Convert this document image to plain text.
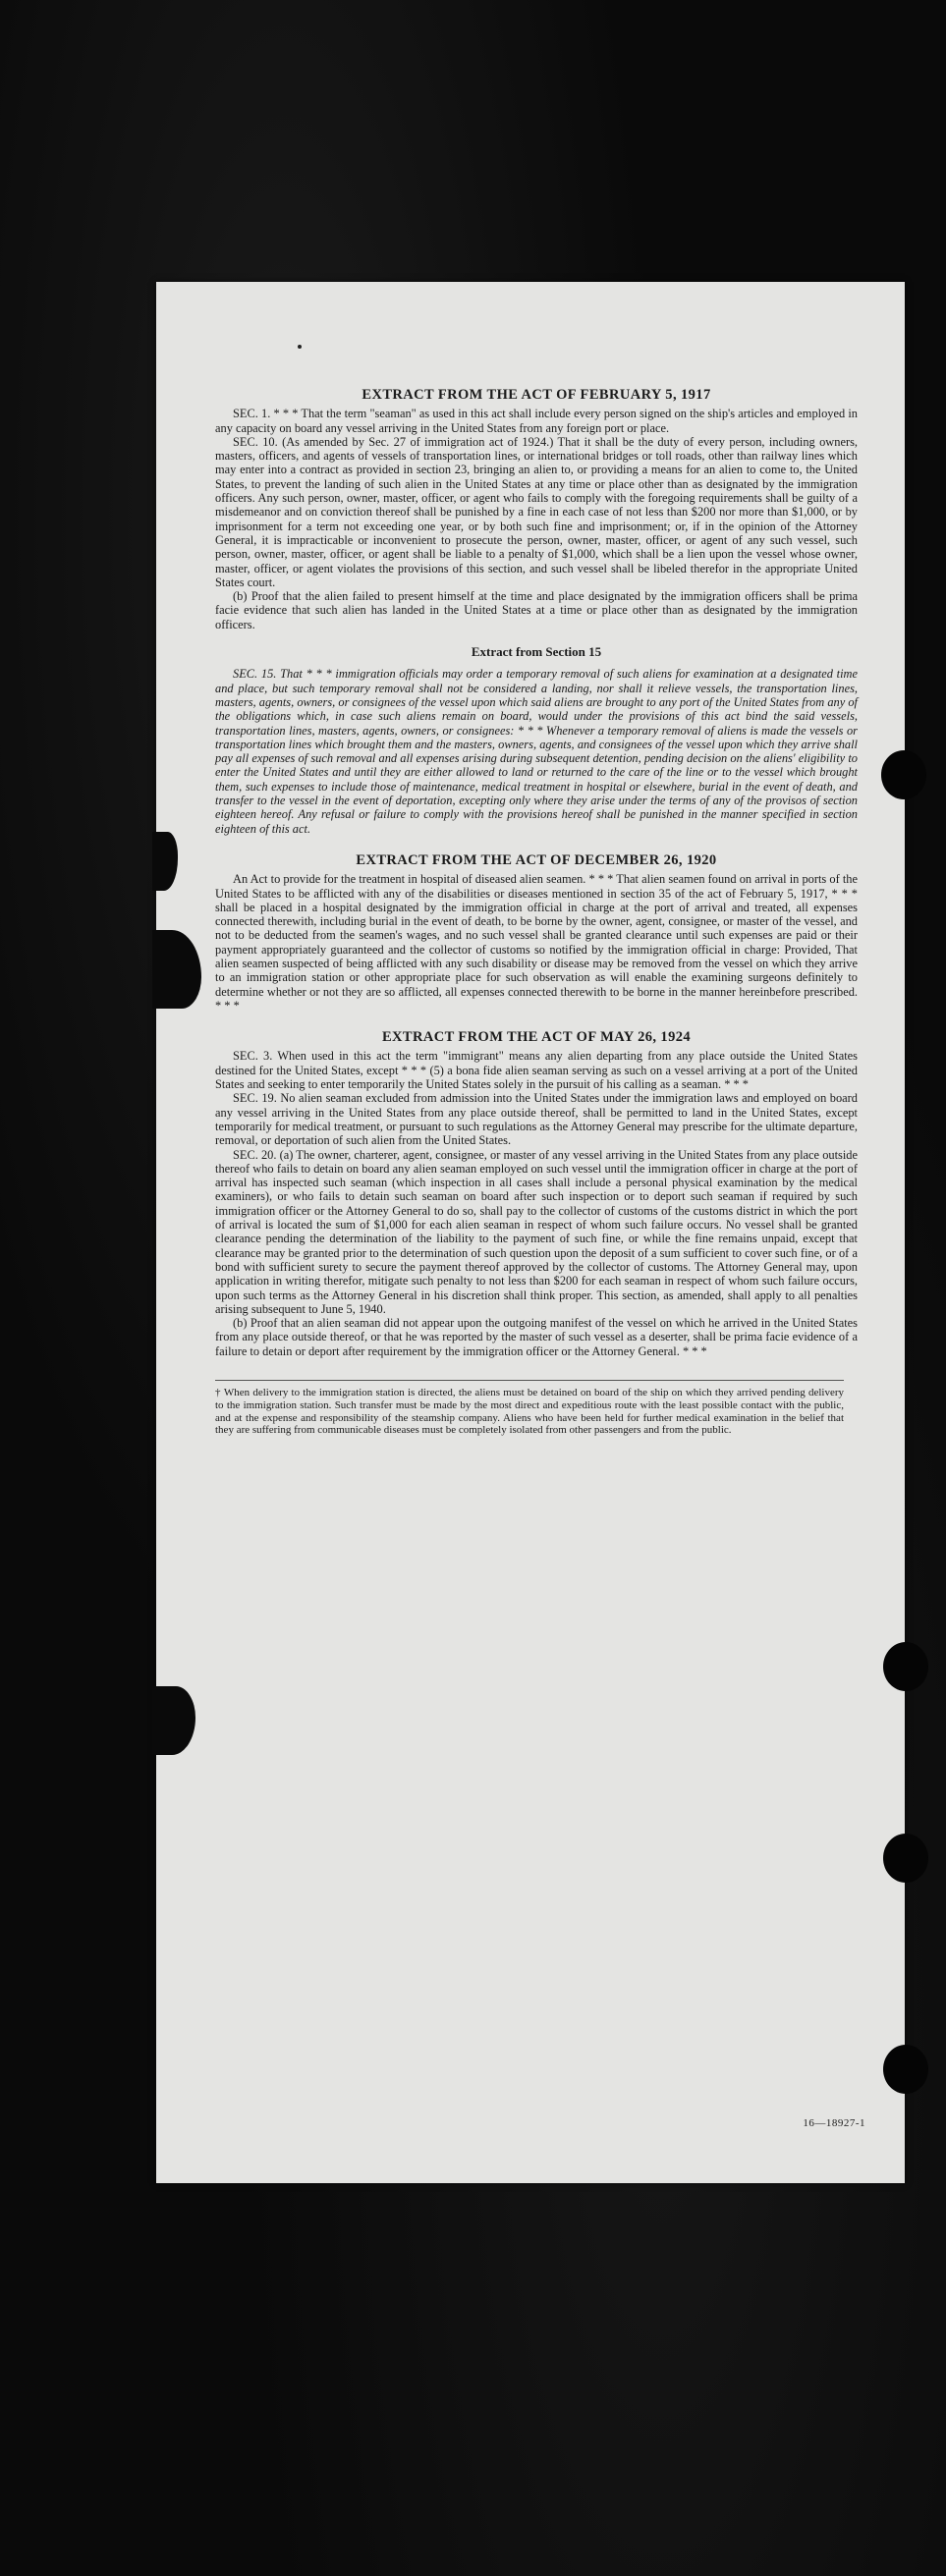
EXTRACT FROM THE ACT OF FEBRUARY 5, 1917

SEC. 1. * * * That the term "seaman" as used in this act shall include every person signed on the ship's articles and employed in any capacity on board any vessel arriving in the United States from any foreign port or place.

SEC. 10. (As amended by Sec. 27 of immigration act of 1924.) That it shall be the duty of every person, including owners, masters, officers, and agents of vessels of transportation lines, or international bridges or toll roads, other than railway lines which may enter into a contract as provided in section 23, bringing an alien to, or providing a means for an alien to come to, the United States, to prevent the landing of such alien in the United States at any time or place other than as designated by the immigration officers. Any such person, owner, master, officer, or agent who fails to comply with the foregoing requirements shall be guilty of a misdemeanor and on conviction thereof shall be punished by a fine in each case of not less than $200 nor more than $1,000, or by imprisonment for a term not exceeding one year, or by both such fine and imprisonment; or, if in the opinion of the Attorney General, it is impracticable or inconvenient to prosecute the person, owner, master, officer, or agent of any such vessel, such person, owner, master, officer, or agent shall be liable to a penalty of $1,000, which shall be a lien upon the vessel whose owner, master, officer, or agent violates the provisions of this section, and such vessel shall be libeled therefor in the appropriate United States court.

(b) Proof that the alien failed to present himself at the time and place designated by the immigration officers shall be prima facie evidence that such alien has landed in the United States at a time or place other than as designated by the immigration officers.

Extract from Section 15

SEC. 15. That * * * immigration officials may order a temporary removal of such aliens for examination at a designated time and place, but such temporary removal shall not be considered a landing, nor shall it relieve vessels, the transportation lines, masters, agents, owners, or consignees of the vessel upon which said aliens are brought to any port of the United States from any of the obligations which, in case such aliens remain on board, would under the provisions of this act bind the said vessels, transportation lines, masters, agents, owners, or consignees: * * * Whenever a temporary removal of aliens is made the vessels or transportation lines which brought them and the masters, owners, agents, and consignees of the vessel upon which they arrive shall pay all expenses of such removal and all expenses arising during subsequent detention, pending decision on the aliens' eligibility to enter the United States and until they are either allowed to land or returned to the care of the line or to the vessel which brought them, such expenses to include those of maintenance, medical treatment in hospital or elsewhere, burial in the event of death, and transfer to the vessel in the event of deportation, excepting only where they arise under the terms of any of the provisos of section eighteen hereof. Any refusal or failure to comply with the provisions hereof shall be punished in the manner specified in section eighteen of this act.

EXTRACT FROM THE ACT OF DECEMBER 26, 1920

An Act to provide for the treatment in hospital of diseased alien seamen. * * * That alien seamen found on arrival in ports of the United States to be afflicted with any of the disabilities or diseases mentioned in section 35 of the act of February 5, 1917, * * * shall be placed in a hospital designated by the immigration official in charge at the port of arrival and treated, all expenses connected therewith, including burial in the event of death, to be borne by the owner, agent, consignee, or master of the vessel, and not to be deducted from the seamen's wages, and no such vessel shall be granted clearance until such expenses are paid or their payment appropriately guaranteed and the collector of customs so notified by the immigration official in charge: Provided, That alien seamen suspected of being afflicted with any such disability or disease may be removed from the vessel on which they arrive to an immigration station or other appropriate place for such observation as will enable the examining surgeons definitely to determine whether or not they are so afflicted, all expenses connected therewith to be borne in the manner hereinbefore prescribed. * * *

EXTRACT FROM THE ACT OF MAY 26, 1924

SEC. 3. When used in this act the term "immigrant" means any alien departing from any place outside the United States destined for the United States, except * * * (5) a bona fide alien seaman serving as such on a vessel arriving at a port of the United States and seeking to enter temporarily the United States solely in the pursuit of his calling as a seaman. * * *

SEC. 19. No alien seaman excluded from admission into the United States under the immigration laws and employed on board any vessel arriving in the United States from any place outside thereof, shall be permitted to land in the United States, except temporarily for medical treatment, or pursuant to such regulations as the Attorney General may prescribe for the ultimate departure, removal, or deportation of such alien from the United States.

SEC. 20. (a) The owner, charterer, agent, consignee, or master of any vessel arriving in the United States from any place outside thereof who fails to detain on board any alien seaman employed on such vessel until the immigration officer in charge at the port of arrival has inspected such seaman (which inspection in all cases shall include a personal physical examination by the medical examiners), or who fails to detain such seaman on board after such inspection or to deport such seaman if required by such immigration officer or the Attorney General to do so, shall pay to the collector of customs of the customs district in which the port of arrival is located the sum of $1,000 for each alien seaman in respect of whom such failure occurs. No vessel shall be granted clearance pending the determination of the liability to the payment of such fine, or while the fine remains unpaid, except that clearance may be granted prior to the determination of such question upon the deposit of a sum sufficient to cover such fine, or of a bond with sufficient surety to secure the payment thereof approved by the collector of customs. The Attorney General may, upon application in writing therefor, mitigate such penalty to not less than $200 for each seaman in respect of whom such failure occurs, upon such terms as the Attorney General in his discretion shall think proper. This section, as amended, shall apply to all penalties arising subsequent to June 5, 1940.

(b) Proof that an alien seaman did not appear upon the outgoing manifest of the vessel on which he arrived in the United States from any place outside thereof, or that he was reported by the master of such vessel as a deserter, shall be prima facie evidence of a failure to detain or deport after requirement by the immigration officer or the Attorney General. * * *

† When delivery to the immigration station is directed, the aliens must be detained on board of the ship on which they arrived pending delivery to the immigration station. Such transfer must be made by the most direct and expeditious route with the least possible contact with the public, and at the expense and responsibility of the steamship company. Aliens who have been held for further medical examination in the belief that they are suffering from communicable diseases must be completely isolated from other passengers and from the public.
16—18927-1
